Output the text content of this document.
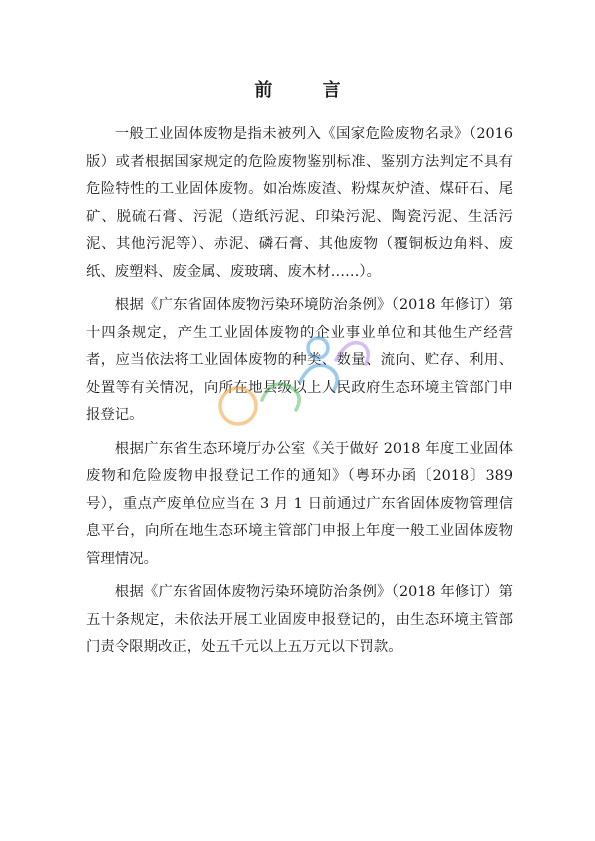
前 言

一般工业固体废物是指未被列入《国家危险废物名录》（2016 版）或者根据国家规定的危险废物鉴别标准、鉴别方法判定不具有危险特性的工业固体废物。如冶炼废渣、粉煤灰炉渣、煤矸石、尾矿、脱硫石膏、污泥（造纸污泥、印染污泥、陶瓷污泥、生活污泥、其他污泥等）、赤泥、磷石膏、其他废物（覆铜板边角料、废纸、废塑料、废金属、废玻璃、废木材……）。

根据《广东省固体废物污染环境防治条例》（2018 年修订）第十四条规定，产生工业固体废物的企业事业单位和其他生产经营者，应当依法将工业固体废物的种类、数量、流向、贮存、利用、处置等有关情况，向所在地县级以上人民政府生态环境主管部门申报登记。

根据广东省生态环境厅办公室《关于做好 2018 年度工业固体废物和危险废物申报登记工作的通知》（粤环办函〔2018〕389 号），重点产废单位应当在 3 月 1 日前通过广东省固体废物管理信息平台，向所在地生态环境主管部门申报上年度一般工业固体废物管理情况。

根据《广东省固体废物污染环境防治条例》（2018 年修订）第五十条规定，未依法开展工业固废申报登记的，由生态环境主管部门责令限期改正，处五千元以上五万元以下罚款。
